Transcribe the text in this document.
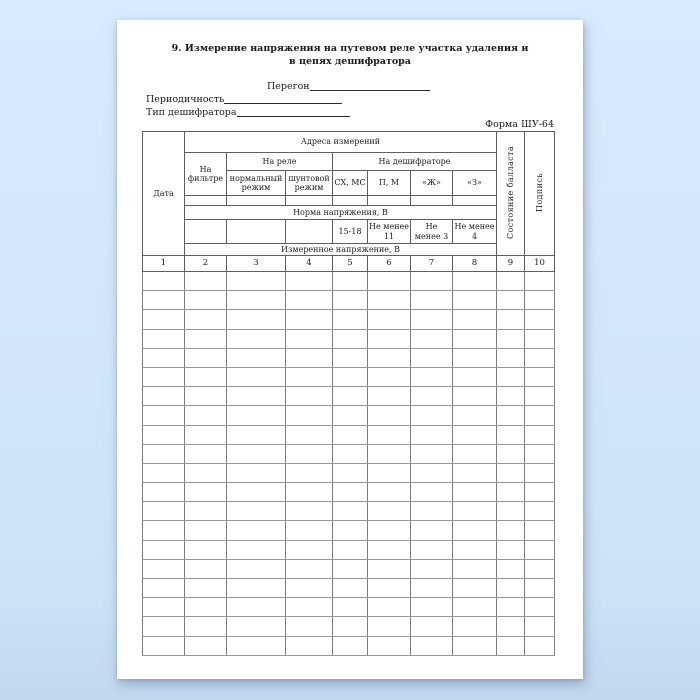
9. Измерение напряжения на путевом реле участка удаления и
в цепях дешифратора
Перегон
Периодичность
Тип дешифратора
Форма ШУ-64
Дата	Адреса измерений							Состояние балласта	Подпись
	На фильтре	На реле		На дешифраторе					
		нормальный режим	шунтовой режим	СХ, МС	П, М	«Ж»	«З»		

	Норма напряжения, В								
				15-18	Не менее 11	Не менее 3	Не менее 4		
	Измеренное напряжение, В								
1	2	3	4	5	6	7	8	9	10
